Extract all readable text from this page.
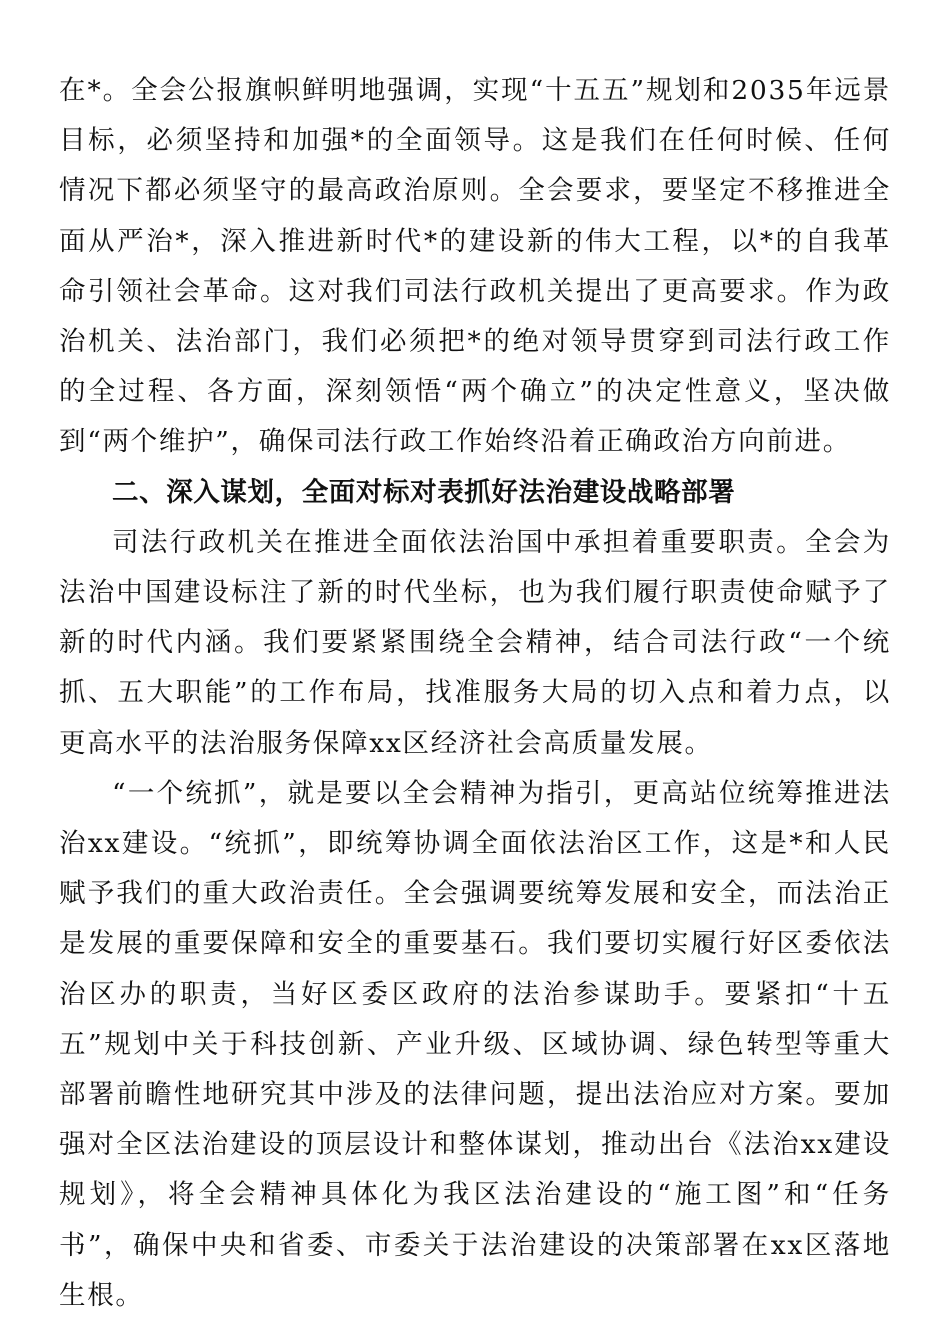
在*。全会公报旗帜鲜明地强调，实现“十五五”规划和2035年远景目标，必须坚持和加强*的全面领导。这是我们在任何时候、任何情况下都必须坚守的最高政治原则。全会要求，要坚定不移推进全面从严治*，深入推进新时代*的建设新的伟大工程，以*的自我革命引领社会革命。这对我们司法行政机关提出了更高要求。作为政治机关、法治部门，我们必须把*的绝对领导贯穿到司法行政工作的全过程、各方面，深刻领悟“两个确立”的决定性意义，坚决做到“两个维护”，确保司法行政工作始终沿着正确政治方向前进。

二、深入谋划，全面对标对表抓好法治建设战略部署

司法行政机关在推进全面依法治国中承担着重要职责。全会为法治中国建设标注了新的时代坐标，也为我们履行职责使命赋予了新的时代内涵。我们要紧紧围绕全会精神，结合司法行政“一个统抓、五大职能”的工作布局，找准服务大局的切入点和着力点，以更高水平的法治服务保障xx区经济社会高质量发展。

“一个统抓”，就是要以全会精神为指引，更高站位统筹推进法治xx建设。“统抓”，即统筹协调全面依法治区工作，这是*和人民赋予我们的重大政治责任。全会强调要统筹发展和安全，而法治正是发展的重要保障和安全的重要基石。我们要切实履行好区委依法治区办的职责，当好区委区政府的法治参谋助手。要紧扣“十五五”规划中关于科技创新、产业升级、区域协调、绿色转型等重大部署前瞻性地研究其中涉及的法律问题，提出法治应对方案。要加强对全区法治建设的顶层设计和整体谋划，推动出台《法治xx建设规划》，将全会精神具体化为我区法治建设的“施工图”和“任务书”，确保中央和省委、市委关于法治建设的决策部署在xx区落地生根。
